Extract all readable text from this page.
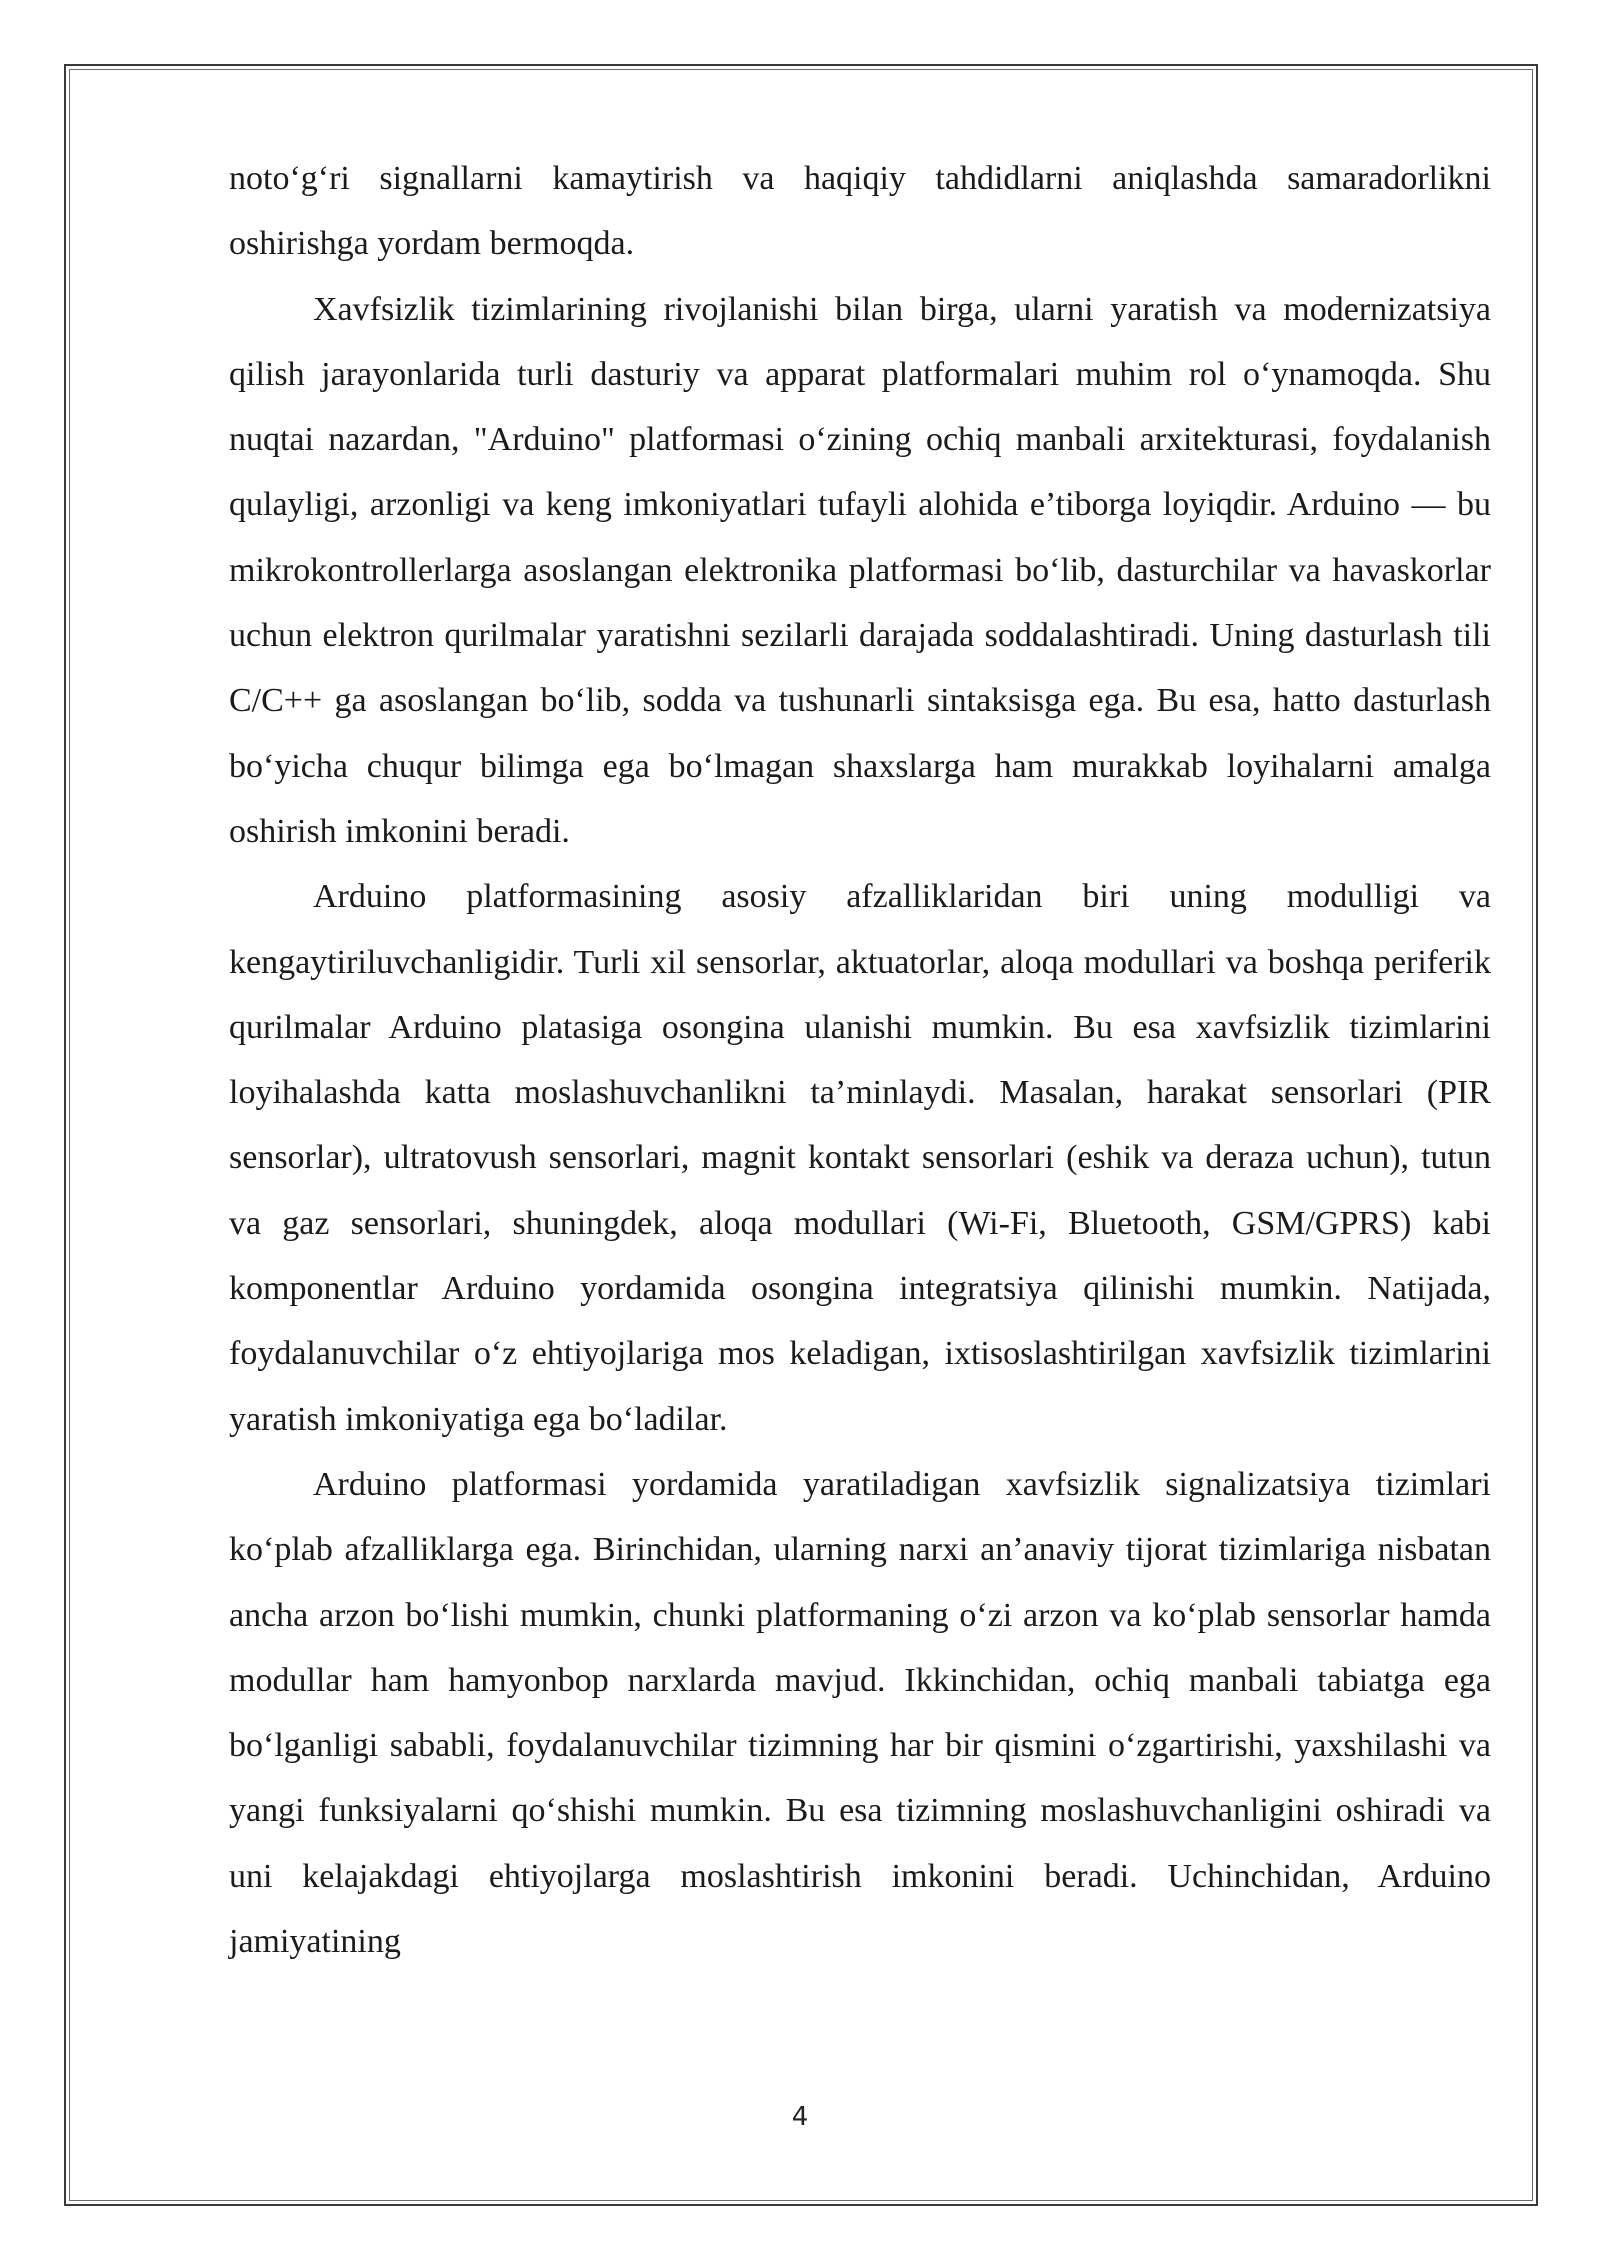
noto‘g‘ri signallarni kamaytirish va haqiqiy tahdidlarni aniqlashda samaradorlikni oshirishga yordam bermoqda.

Xavfsizlik tizimlarining rivojlanishi bilan birga, ularni yaratish va modernizatsiya qilish jarayonlarida turli dasturiy va apparat platformalari muhim rol o‘ynamoqda. Shu nuqtai nazardan, "Arduino" platformasi o‘zining ochiq manbali arxitekturasi, foydalanish qulayligi, arzonligi va keng imkoniyatlari tufayli alohida e’tiborga loyiqdir. Arduino — bu mikrokontrollerlarga asoslangan elektronika platformasi bo‘lib, dasturchilar va havaskorlar uchun elektron qurilmalar yaratishni sezilarli darajada soddalashtiradi. Uning dasturlash tili C/C++ ga asoslangan bo‘lib, sodda va tushunarli sintaksisga ega. Bu esa, hatto dasturlash bo‘yicha chuqur bilimga ega bo‘lmagan shaxslarga ham murakkab loyihalarni amalga oshirish imkonini beradi.

Arduino platformasining asosiy afzalliklaridan biri uning modulligi va kengaytiriluvchanligidir. Turli xil sensorlar, aktuatorlar, aloqa modullari va boshqa periferik qurilmalar Arduino platasiga osongina ulanishi mumkin. Bu esa xavfsizlik tizimlarini loyihalashda katta moslashuvchanlikni ta’minlaydi. Masalan, harakat sensorlari (PIR sensorlar), ultratovush sensorlari, magnit kontakt sensorlari (eshik va deraza uchun), tutun va gaz sensorlari, shuningdek, aloqa modullari (Wi-Fi, Bluetooth, GSM/GPRS) kabi komponentlar Arduino yordamida osongina integratsiya qilinishi mumkin. Natijada, foydalanuvchilar o‘z ehtiyojlariga mos keladigan, ixtisoslashtirilgan xavfsizlik tizimlarini yaratish imkoniyatiga ega bo‘ladilar.

Arduino platformasi yordamida yaratiladigan xavfsizlik signalizatsiya tizimlari ko‘plab afzalliklarga ega. Birinchidan, ularning narxi an’anaviy tijorat tizimlariga nisbatan ancha arzon bo‘lishi mumkin, chunki platformaning o‘zi arzon va ko‘plab sensorlar hamda modullar ham hamyonbop narxlarda mavjud. Ikkinchidan, ochiq manbali tabiatga ega bo‘lganligi sababli, foydalanuvchilar tizimning har bir qismini o‘zgartirishi, yaxshilashi va yangi funksiyalarni qo‘shishi mumkin. Bu esa tizimning moslashuvchanligini oshiradi va uni kelajakdagi ehtiyojlarga moslashtirish imkonini beradi. Uchinchidan, Arduino jamiyatining

4
